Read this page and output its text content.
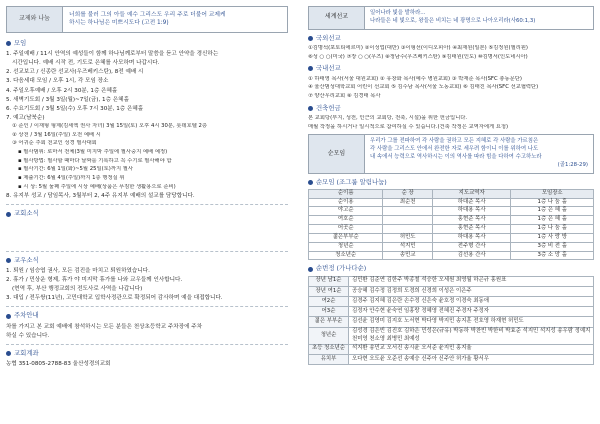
교제와 나눔

너희를 불러 그의 아들 예수 그리스도 우리 주로 더불어 교제케

하시는 하나님은 미쁘시도다 (고전 1:9)

모임

1. 주일예배 / 11시 안역의 예성들이 함께 하나님께로부터 말씀을 듣고 안약을 경신하는

시간입니다. 예배 시작 전, 기도로 은혜를 사모하며 나갑시다.

2. 선교보고 / 신종란 선교사(우즈베키스탄), 8전 예배 시

3. 다음세대 모임 / 오후 1시, 각 모임 장소

4. 주일오후예배 / 오후 2시 30분, 1층 은혜홀

5. 새벽기도회 / 3월 3일(월)~7일(금), 1층 은혜홀

6. 수요기도회 / 3월 5일(수) 오후 7시 30분, 1층 은혜홀

7. 예고(남북순)

① 준인 / 이재형 형제(김세엑 권사 자녀) 3월 15일(토) 오후 4시 30분, 롯데호텔 2층

② 상천 / 3월 16일(주일) 오전 예배 시

③ 어귀순 주회 천교인 성경 필사대회

▪ 필사범위: 로마서 전체(3월 미지막 주일에 필사중지 예배 예정)

▪ 필사방법: 필사할 때마다 날짜를 기록하고 꼭 수기로 필사해야 함

▪ 필사기간: 6월 1일(화)~5월 25일(토)까지 필사

▪ 제출기간: 6월 4일(주일)까지 1층 행정실 위

▪ 시 상: 5월 둘째 주일에 시상 예배(상품은 푸짐한 생활용으로 준비)

8. 유지부 성교 / 담임목사, 3월부터 2, 4주 유지부 예배의 설교를 담당합니다.

교회소식
교우소식

1. 퇴원 / 임승엽 권사, 모든 검진을 마치고 퇴원하였습니다.

2. 휴가 / 민상운 형제, 휴가 야 미지막 휴가를 나와 교우들께 인사합니다.

(현역 후, 부산 행정교회의 전도사로 사역을 나갑니다)

3. 대입 / 전두쌍(11년), 고민대학교 입학사정관으로 확정되어 감사하며 예을 대접합니다.

주차안내

차를 가지고 본 교회 예배에 참석하시는 모든 분들은 천상초등학교 주차장에 주차

하실 수 있습니다.

교회계좌

농협 351-0805-2788-83 울산성경의교회

세계선교

일어나라 빛을 발하라...

나라들은 네 빛으로, 왕들은 비치는 네 광명으로 나아오리라(사60:1,3)

국외선교

①김명석(포토티에르미) ②이성업(대만) ③이형선(이디오피아) ④최재원(일본) ⑤김정원(필리핀)

⑥성 ○ ○(미국) ⑦장 ○ ○(우즈) ⑧정남수(우즈베키스탄) ⑨김태원(인도) ⑩김명서(인도네시아)

국내선교

① 하태영 목사(서울 대원교회) ② 유창화 목사(예수 병원교회) ③ 박재준 목사(SFC 총동문단)

④ 울산범성대학교회 어린이 선교회 ⑤ 김수남 목사(서울 노동교회) ⑥ 김태진 목사(SFC 선교협력단)

⑦ 양산우리교회 ⑧ 김경태 목사

건축헌금

본 교회당(부지, 성전, 인근의 교회당, 전축, 시설)을 위한 헌금입니다.

매월 작정을 하시거나 일시적으로 참여하실 수 있습니다.(건축 작정은 교역자에게 요청)

순모임

우리가 그를 전파하여 각 사람을 권하고 모든 지혜로 각 사람을 가르침은

각 사람을 그리스도 안에서 완전한 자로 세우려 함이니 이를 위하여 나도

내 속에서 능력으로 역사하시는 이의 역사를 따라 힘을 다하여 수고하노라

(골1:28-29)

순모임 (조그룹 알림나눔)
순이름	순 장	지도교역자	모임장소
순이용	최순천	하대준 목사	1층 나 눔 홀
야고순		하대용 목사	1층 은 혜 홀
여호순		홍현준 목사	1층 은 혜 홀
어곳순		홍현준 목사	1층 나 눔 홀
젊은부부순	허민도	하대용 목사	1층 사 랑 방
청년순	석지민	전주형 간사	3층 비 전 홀
청소년순	송민교	김선용 간사	3층 소 망 홀
순번정 (가나다순)
장년 남1순	김민환 김준연 김한주 박종철 석승한 오세원 최영월 하곤규 홍원표
장년 여1순	공승혜 김수정 김정희 도경희 신경희 이성은 이은주
여2순	김경주 김지혜 김은란 손수정 신은숙 윤호정 이경숙 최동애
어3순	김정자 안수현 윤숙연 임홍랑 정혜영 전혜진 주경자 주정자
젊은 부부순	김선윤 김영미 김지호 노서현 박다영 박지민 송지훈 전호영 하재현 허민도
청년순	김성경 김은빈 김진호 김하은 민성은(규유) 박동하 박찬빈 박한비 박효준 석지민 석지성 송우람 정예지 천미영 천소영 최병민 최예성
초등 청소년순	석지환 송민교 오서진 송시윤 오서준 윤지민 홍지율
유치부	오다현 오도윤 오준선 송예승 신주아 신주안 허가율 황서우
